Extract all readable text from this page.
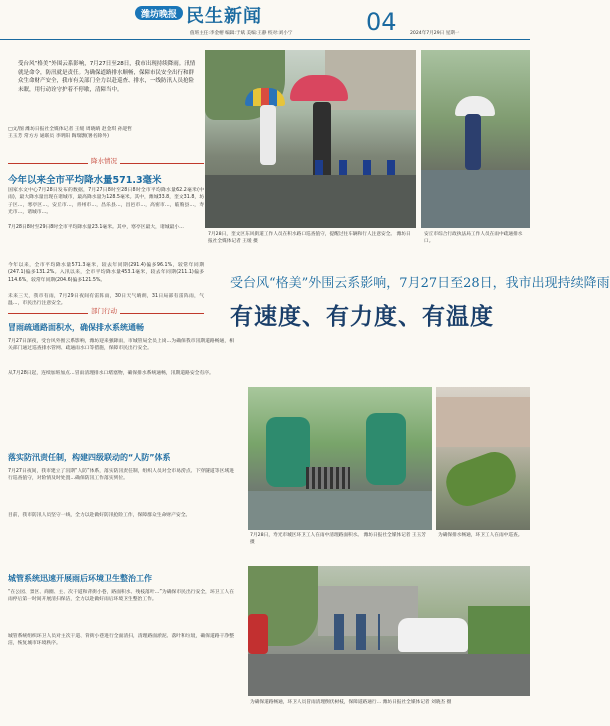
潍坊晚报 民生新闻
值班主任:李金榕 编辑:于斌 美编:王静 校对:刘小宁	04	2024年7月29日 星期一
受台风“格美”外围云系影响，7月27日至28日，我市出现持续降雨。汛情就是命令，防汛就是责任。为确保道路排水顺畅，保障市民安全出行和群众生命财产安全，我市有关部门全力以赴巡查、排水，一线防汛人员抢险未眠，用行动诠守护着不停歇，清障当中。
□文/图 潍坊日报社全媒体记者 王缓 周晓晴 赵金琪 孙迎哲
王玉芳 常方方 通联员 李明阳 陶瑞颢(署名除外)
7月28日，奎文区东风街道工作人员在积水路口巡查值守，提醒过往车辆和行人注意安全。 潍坊日报社全媒体记者 王缓 摄
安丘市综合行政执法局工作人员在雨中疏通排水口。
降水情况
今年以来全市平均降水量571.3毫米
国家水文中心7月28日发布的数据，7月27日8时至28日8时全市平均降水量62.2毫米(中雨)，最大降水量出现在诸城市，最高降水量为128.5毫米。其中，潍城33.8，奎文31.8，坊子区…，寒亭区…，安丘市…，青州市…，昌乐县…，昌邑市…，高密市…，临朐县…，寿光市…，诸城市…。
7月28日8时至29日8时全市平均降水量23.1毫米。其中，寒亭区最大，诸城最小…
今年以来，全市平均降水量571.3毫米，较去年同期(291.4)偏多96.1%，较常年同期(247.1)偏多131.2%。入汛以来，全市平均降水量453.1毫米，较去年同期(211.1)偏多114.6%，较常年同期(204.6)偏多121.5%。
未来三天，我市有雨，7月29日夜间有雷阵雨，30日天气晴朗，31日局部有雷阵雨，气温…，市民出行注意安全。
受台风“格美”外围云系影响，7月27日至28日，我市出现持续降雨
有速度、有力度、有温度
部门行动
冒雨疏通路面积水，确保排水系统通畅
7月27日深夜，受台风外围云系影响，潍坊迎来强降雨，市城管局全员上岗…为确保我市汛期道路畅通，相关部门通过巡查排水管网、疏通雨水口等措施，保障市民出行安全。
从7月28日起，连续加班加点…冒雨清理排水口堵塞物，确保排水系统通畅，汛期道路安全有序。
落实防汛责任制，构建四级联动的“人防”体系
7月27日夜间，我市建立了汛期“人防”体系，落实防汛责任制，组织人员对全市易涝点、下穿隧道等区域进行巡查值守，对险情及时处置…确保防汛工作落实到位。
目前，我市防汛人员坚守一线，全力以赴做好防汛抢险工作，保障群众生命财产安全。
城管系统迅速开展雨后环境卫生整治工作
“在公园、景区、商圈、主、次干道和背街小巷，路面积水、残枝落叶…”为确保市民出行安全，环卫工人在雨停后第一时间开展清扫保洁，全力以赴做好雨后环境卫生整治工作。
城管系统组织环卫人员对主次干道、背街小巷进行全面清扫，清理路面淤泥、落叶和垃圾，确保道路干净整洁，恢复城市环境秩序。
7月28日，寿光市城区环卫工人在雨中清理路面积水。 潍坊日报社全媒体记者 王玉芳 摄
为确保排水畅通，环卫工人在雨中巡查。
为确保道路畅通，环卫人员冒雨清理倒伏树枝，保障道路通行… 潍坊日报社全媒体记者 刘晓杰 摄
